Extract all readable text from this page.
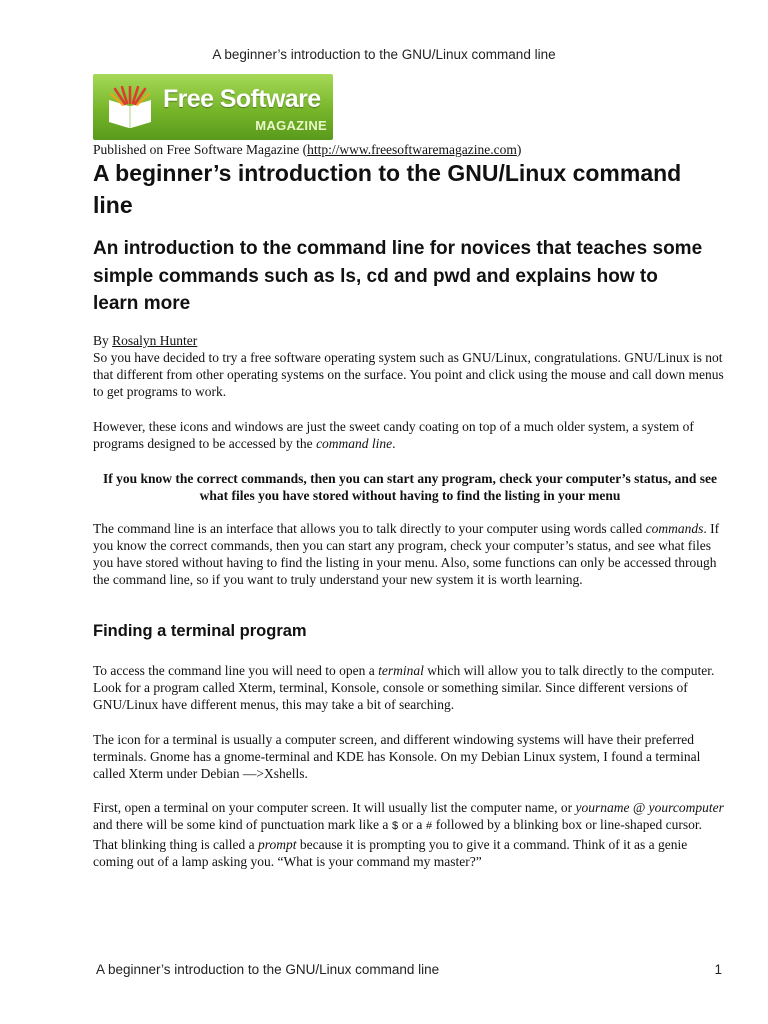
A beginner’s introduction to the GNU/Linux command line
Free Software
MAGAZINE
Published on Free Software Magazine (http://www.freesoftwaremagazine.com)
A beginner’s introduction to the GNU/Linux command line
An introduction to the command line for novices that teaches some simple commands such as ls, cd and pwd and explains how to learn more

By Rosalyn Hunter

So you have decided to try a free software operating system such as GNU/Linux, congratulations. GNU/Linux is not that different from other operating systems on the surface. You point and click using the mouse and call down menus to get programs to work.

However, these icons and windows are just the sweet candy coating on top of a much older system, a system of programs designed to be accessed by the command line.

If you know the correct commands, then you can start any program, check your computer’s status, and see what files you have stored without having to find the listing in your menu

The command line is an interface that allows you to talk directly to your computer using words called commands. If you know the correct commands, then you can start any program, check your computer’s status, and see what files you have stored without having to find the listing in your menu. Also, some functions can only be accessed through the command line, so if you want to truly understand your new system it is worth learning.

Finding a terminal program

To access the command line you will need to open a terminal which will allow you to talk directly to the computer. Look for a program called Xterm, terminal, Konsole, console or something similar. Since different versions of GNU/Linux have different menus, this may take a bit of searching.

The icon for a terminal is usually a computer screen, and different windowing systems will have their preferred terminals. Gnome has a gnome-terminal and KDE has Konsole. On my Debian Linux system, I found a terminal called Xterm under Debian —>Xshells.

First, open a terminal on your computer screen. It will usually list the computer name, or yourname @ yourcomputer and there will be some kind of punctuation mark like a $ or a # followed by a blinking box or line-shaped cursor. That blinking thing is called a prompt because it is prompting you to give it a command. Think of it as a genie coming out of a lamp asking you. “What is your command my master?”

A beginner’s introduction to the GNU/Linux command line	1
